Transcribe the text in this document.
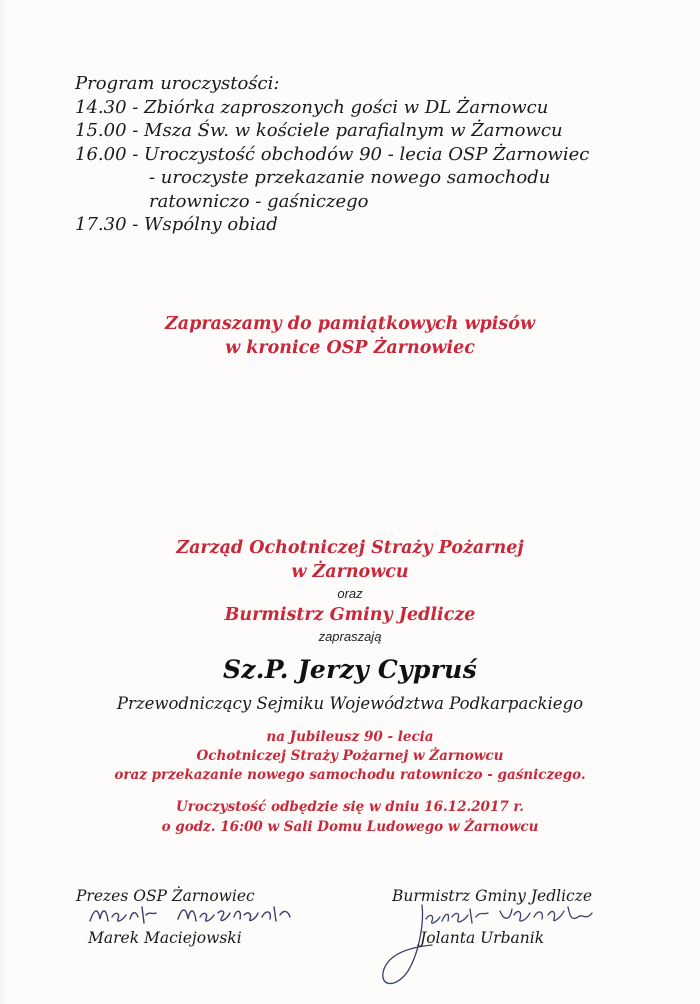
Program uroczystości:
14.30 - Zbiórka zaproszonych gości w DL Żarnowcu
15.00 - Msza Św. w kościele parafialnym w Żarnowcu
16.00 - Uroczystość obchodów 90 - lecia OSP Żarnowiec
- uroczyste przekazanie nowego samochodu
ratowniczo - gaśniczego
17.30 - Wspólny obiad
Zapraszamy do pamiątkowych wpisów
w kronice OSP Żarnowiec
Zarząd Ochotniczej Straży Pożarnej
w Żarnowcu
oraz
Burmistrz Gminy Jedlicze
zapraszają
Sz.P. Jerzy Cypruś
Przewodniczący Sejmiku Województwa Podkarpackiego
na Jubileusz 90 - lecia
Ochotniczej Straży Pożarnej w Żarnowcu
oraz przekazanie nowego samochodu ratowniczo - gaśniczego.
Uroczystość odbędzie się w dniu 16.12.2017 r.
o godz. 16:00 w Sali Domu Ludowego w Żarnowcu
Prezes OSP Żarnowiec
Marek Maciejowski
Burmistrz Gminy Jedlicze
Jolanta Urbanik
